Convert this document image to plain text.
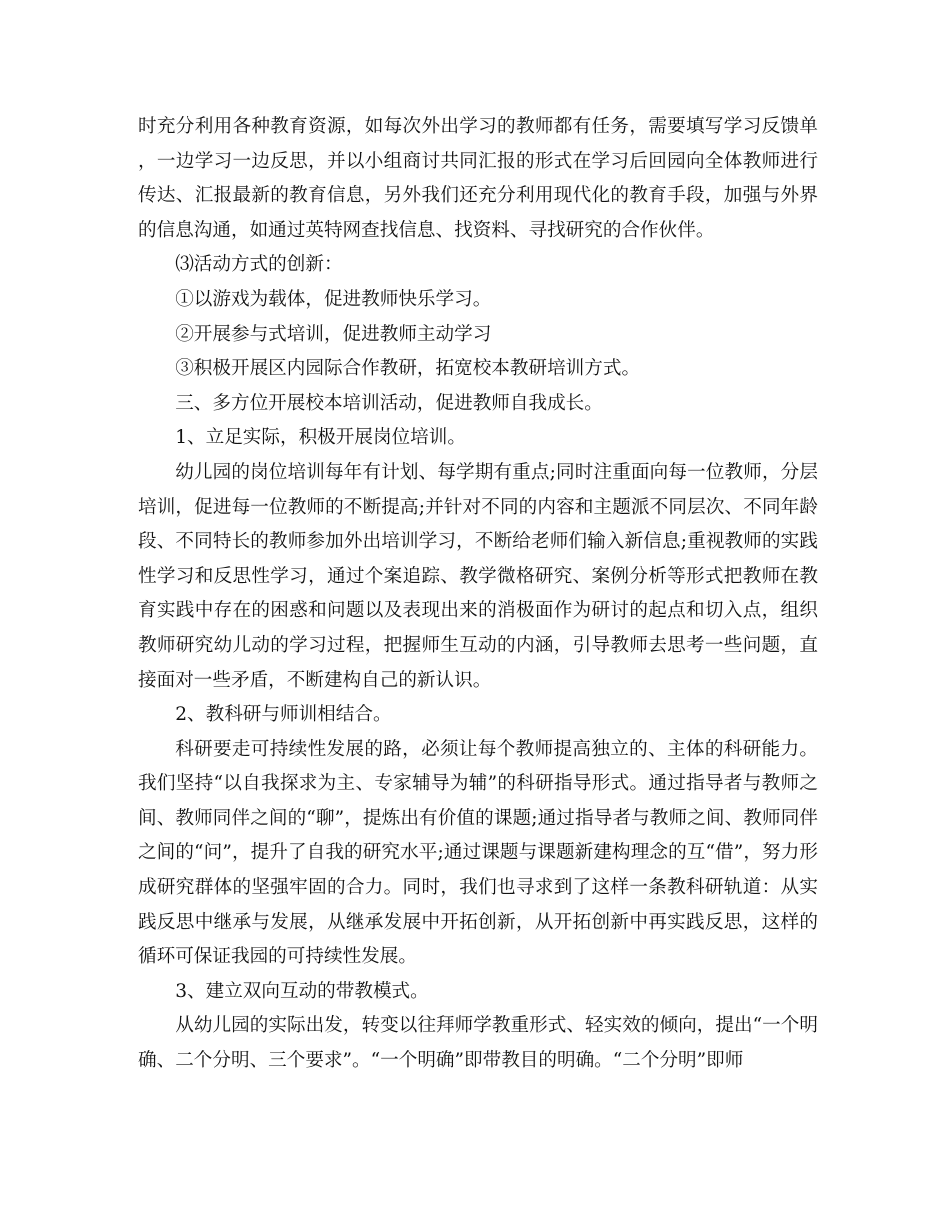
时充分利用各种教育资源，如每次外出学习的教师都有任务，需要填写学习反馈单，一边学习一边反思，并以小组商讨共同汇报的形式在学习后回园向全体教师进行传达、汇报最新的教育信息，另外我们还充分利用现代化的教育手段，加强与外界的信息沟通，如通过英特网查找信息、找资料、寻找研究的合作伙伴。

⑶活动方式的创新：

①以游戏为载体，促进教师快乐学习。

②开展参与式培训，促进教师主动学习

③积极开展区内园际合作教研，拓宽校本教研培训方式。

三、多方位开展校本培训活动，促进教师自我成长。

1、立足实际，积极开展岗位培训。

幼儿园的岗位培训每年有计划、每学期有重点;同时注重面向每一位教师，分层培训，促进每一位教师的不断提高;并针对不同的内容和主题派不同层次、不同年龄段、不同特长的教师参加外出培训学习，不断给老师们输入新信息;重视教师的实践性学习和反思性学习，通过个案追踪、教学微格研究、案例分析等形式把教师在教育实践中存在的困惑和问题以及表现出来的消极面作为研讨的起点和切入点，组织教师研究幼儿动的学习过程，把握师生互动的内涵，引导教师去思考一些问题，直接面对一些矛盾，不断建构自己的新认识。

2、教科研与师训相结合。

科研要走可持续性发展的路，必须让每个教师提高独立的、主体的科研能力。我们坚持“以自我探求为主、专家辅导为辅”的科研指导形式。通过指导者与教师之间、教师同伴之间的“聊”，提炼出有价值的课题;通过指导者与教师之间、教师同伴之间的“问”，提升了自我的研究水平;通过课题与课题新建构理念的互“借”，努力形成研究群体的坚强牢固的合力。同时，我们也寻求到了这样一条教科研轨道：从实践反思中继承与发展，从继承发展中开拓创新，从开拓创新中再实践反思，这样的循环可保证我园的可持续性发展。

3、建立双向互动的带教模式。

从幼儿园的实际出发，转变以往拜师学教重形式、轻实效的倾向，提出“一个明确、二个分明、三个要求”。“一个明确”即带教目的明确。“二个分明”即师
